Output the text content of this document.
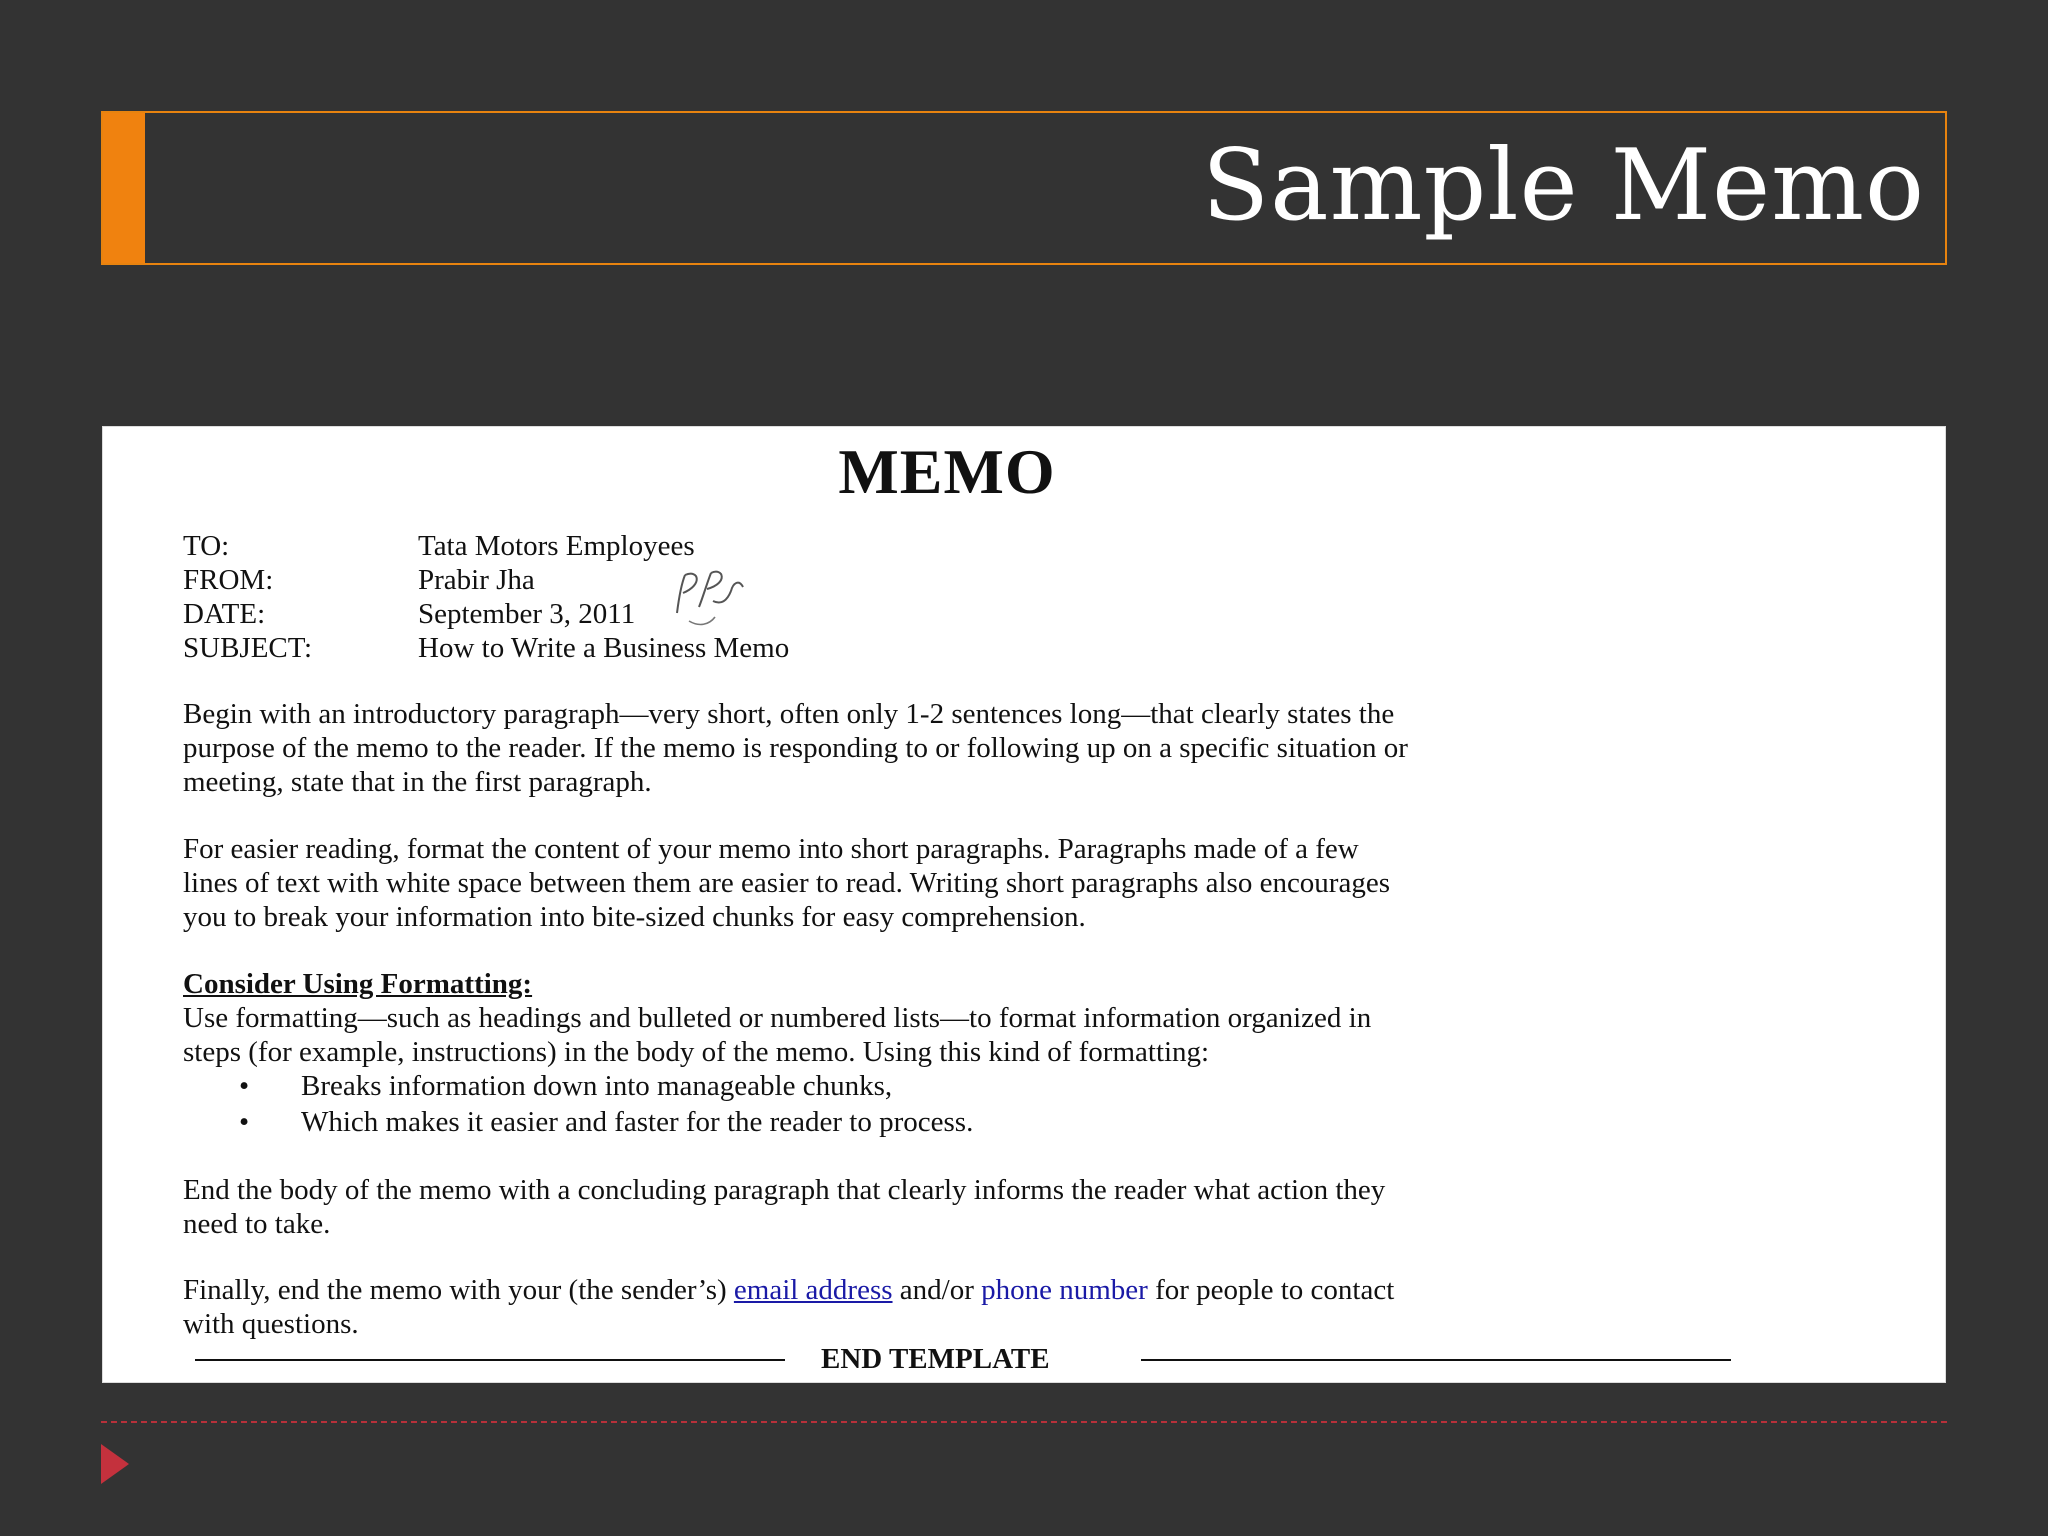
Sample Memo
MEMO
TO:	Tata Motors Employees
FROM:	Prabir Jha
DATE:	September 3, 2011
SUBJECT:	How to Write a Business Memo
Begin with an introductory paragraph—very short, often only 1-2 sentences long—that clearly states the
purpose of the memo to the reader. If the memo is responding to or following up on a specific situation or
meeting, state that in the first paragraph.
For easier reading, format the content of your memo into short paragraphs. Paragraphs made of a few
lines of text with white space between them are easier to read. Writing short paragraphs also encourages
you to break your information into bite-sized chunks for easy comprehension.
Consider Using Formatting:
Use formatting—such as headings and bulleted or numbered lists—to format information organized in
steps (for example, instructions) in the body of the memo. Using this kind of formatting:
• Breaks information down into manageable chunks,
• Which makes it easier and faster for the reader to process.
End the body of the memo with a concluding paragraph that clearly informs the reader what action they
need to take.
Finally, end the memo with your (the sender’s) email address and/or phone number for people to contact
with questions.
END TEMPLATE
